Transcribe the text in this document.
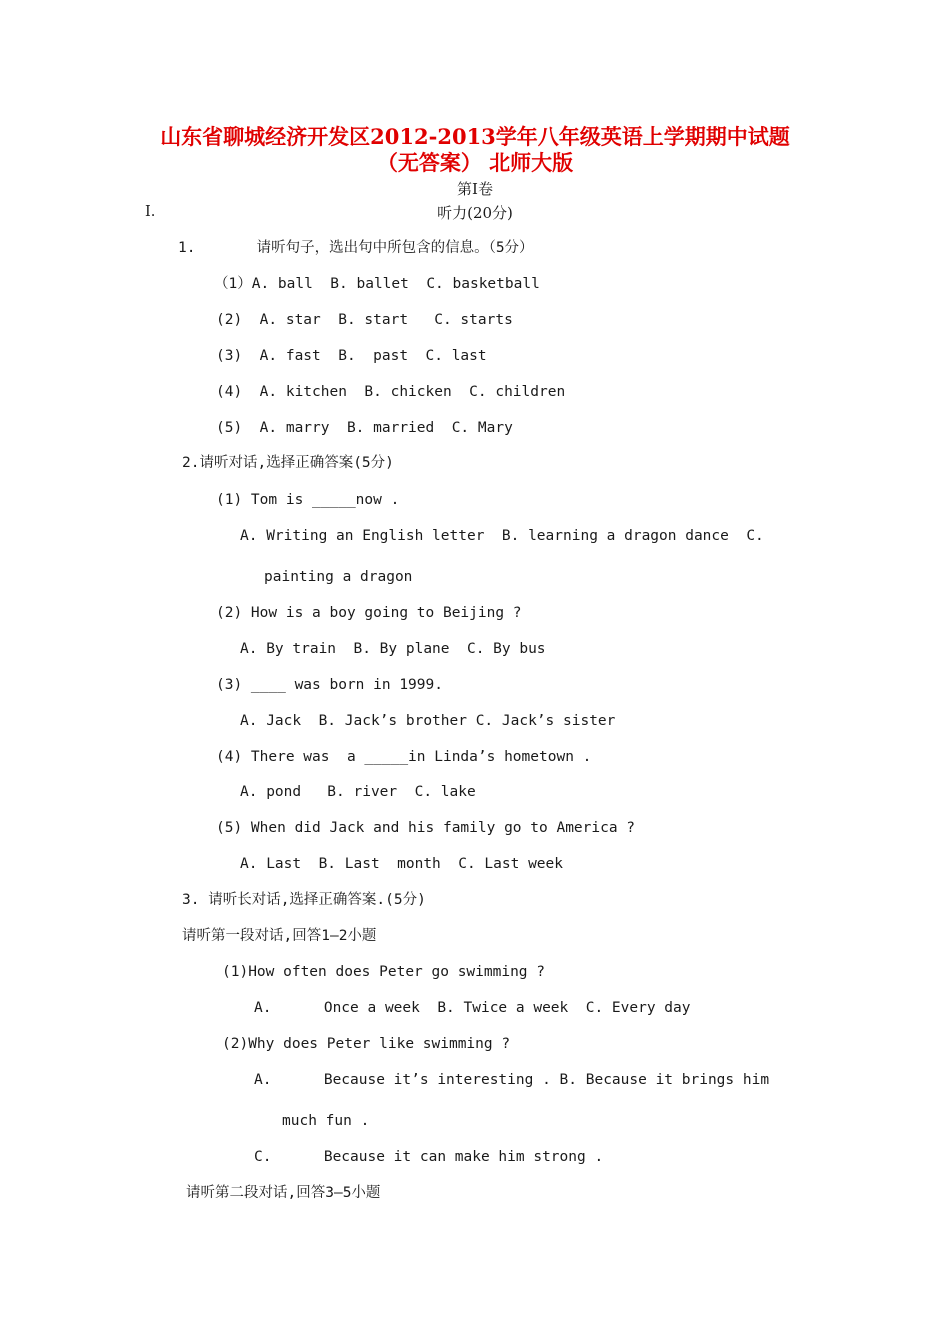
山东省聊城经济开发区2012-2013学年八年级英语上学期期中试题
（无答案） 北师大版
第I卷
I.	听力(20分)
1.       请听句子，选出句中所包含的信息。（5分）
（1）A. ball  B. ballet  C. basketball
(2)  A. star  B. start   C. starts
(3)  A. fast  B.  past  C. last
(4)  A. kitchen  B. chicken  C. children
(5)  A. marry  B. married  C. Mary
2.请听对话,选择正确答案(5分)
(1) Tom is _____now .
A. Writing an English letter  B. learning a dragon dance  C.
painting a dragon
(2) How is a boy going to Beijing ?
A. By train  B. By plane  C. By bus
(3) ____ was born in 1999.
A. Jack  B. Jack’s brother C. Jack’s sister
(4) There was  a _____in Linda’s hometown .
A. pond   B. river  C. lake
(5) When did Jack and his family go to America ?
A. Last  B. Last  month  C. Last week
3. 请听长对话,选择正确答案.(5分)
请听第一段对话,回答1—2小题
(1)How often does Peter go swimming ?
A.      Once a week  B. Twice a week  C. Every day
(2)Why does Peter like swimming ?
A.      Because it’s interesting . B. Because it brings him
much fun .
C.      Because it can make him strong .
请听第二段对话,回答3—5小题
